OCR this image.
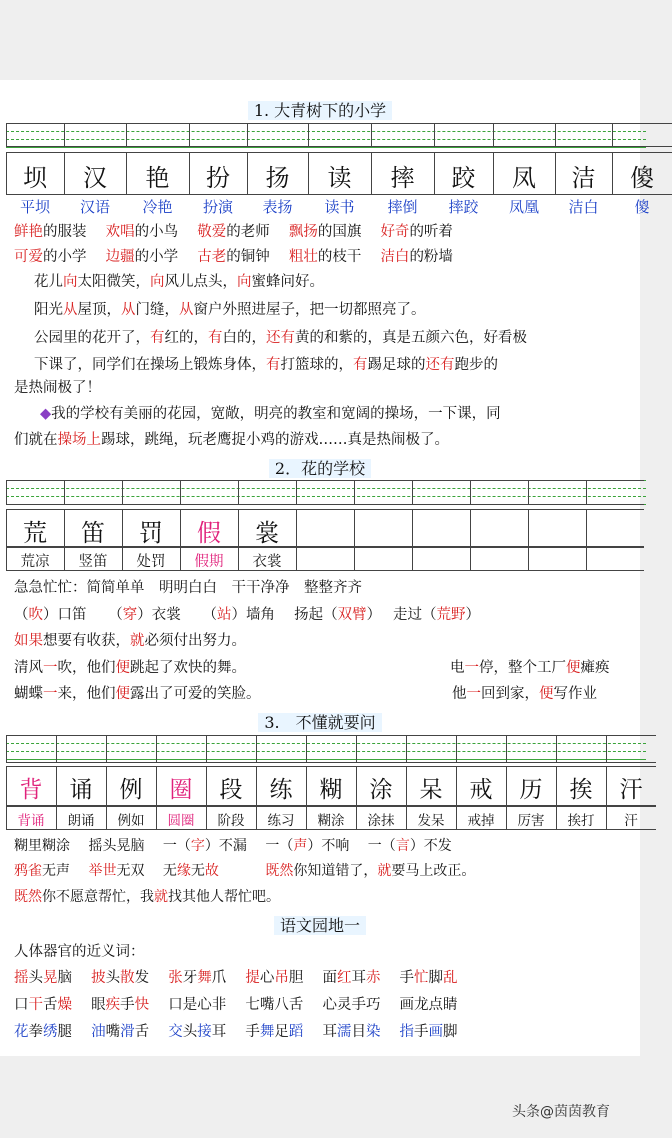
1. 大青树下的小学
坝	汉	艳	扮	扬	读	摔	跤	凤	洁	傻
平坝	汉语	冷艳	扮演	表扬	读书	摔倒	摔跤	凤凰	洁白	傻
鲜艳的服装　 欢唱的小鸟　 敬爱的老师　 飘扬的国旗　 好奇的听着
可爱的小学　 边疆的小学　 古老的铜钟　 粗壮的枝干　 洁白的粉墙
花儿向太阳微笑，向风儿点头，向蜜蜂问好。
阳光从屋顶，从门缝，从窗户外照进屋子，把一切都照亮了。
公园里的花开了，有红的，有白的，还有黄的和紫的，真是五颜六色，好看极
下课了，同学们在操场上锻炼身体，有打篮球的，有踢足球的还有跑步的
是热闹极了！
◆我的学校有美丽的花园，宽敞，明亮的教室和宽阔的操场，一下课，同
们就在操场上踢球，跳绳，玩老鹰捉小鸡的游戏……真是热闹极了。
2．花的学校
荒	笛	罚	假	裳
荒凉	竖笛	处罚	假期	衣裳
急急忙忙：简简单单　明明白白　干干净净　整整齐齐
（吹）口笛　　（穿）衣裳　　（站）墙角　 扬起（双臂）　 走过（荒野）
如果想要有收获，就必须付出努力。
清风一吹，他们便跳起了欢快的舞。	电一停，整个工厂便瘫痪
蝴蝶一来，他们便露出了可爱的笑脸。	他一回到家，便写作业
3.　不懂就要问
背	诵	例	圈	段	练	糊	涂	呆	戒	历	挨	汗
背诵	朗诵	例如	圆圈	阶段	练习	糊涂	涂抹	发呆	戒掉	厉害	挨打	汗
糊里糊涂　 摇头晃脑　 一（字）不漏　 一（声）不响　 一（言）不发
鸦雀无声　 举世无双　 无缘无故　　　	既然你知道错了，就要马上改正。
既然你不愿意帮忙，我就找其他人帮忙吧。
语文园地一
人体器官的近义词：
摇头晃脑　 披头散发　 张牙舞爪　 提心吊胆　 面红耳赤　 手忙脚乱
口干舌燥　 眼疾手快　 口是心非　 七嘴八舌　 心灵手巧　 画龙点睛
花拳绣腿　 油嘴滑舌　 交头接耳　 手舞足蹈　 耳濡目染　 指手画脚
头条@茵茵教育
